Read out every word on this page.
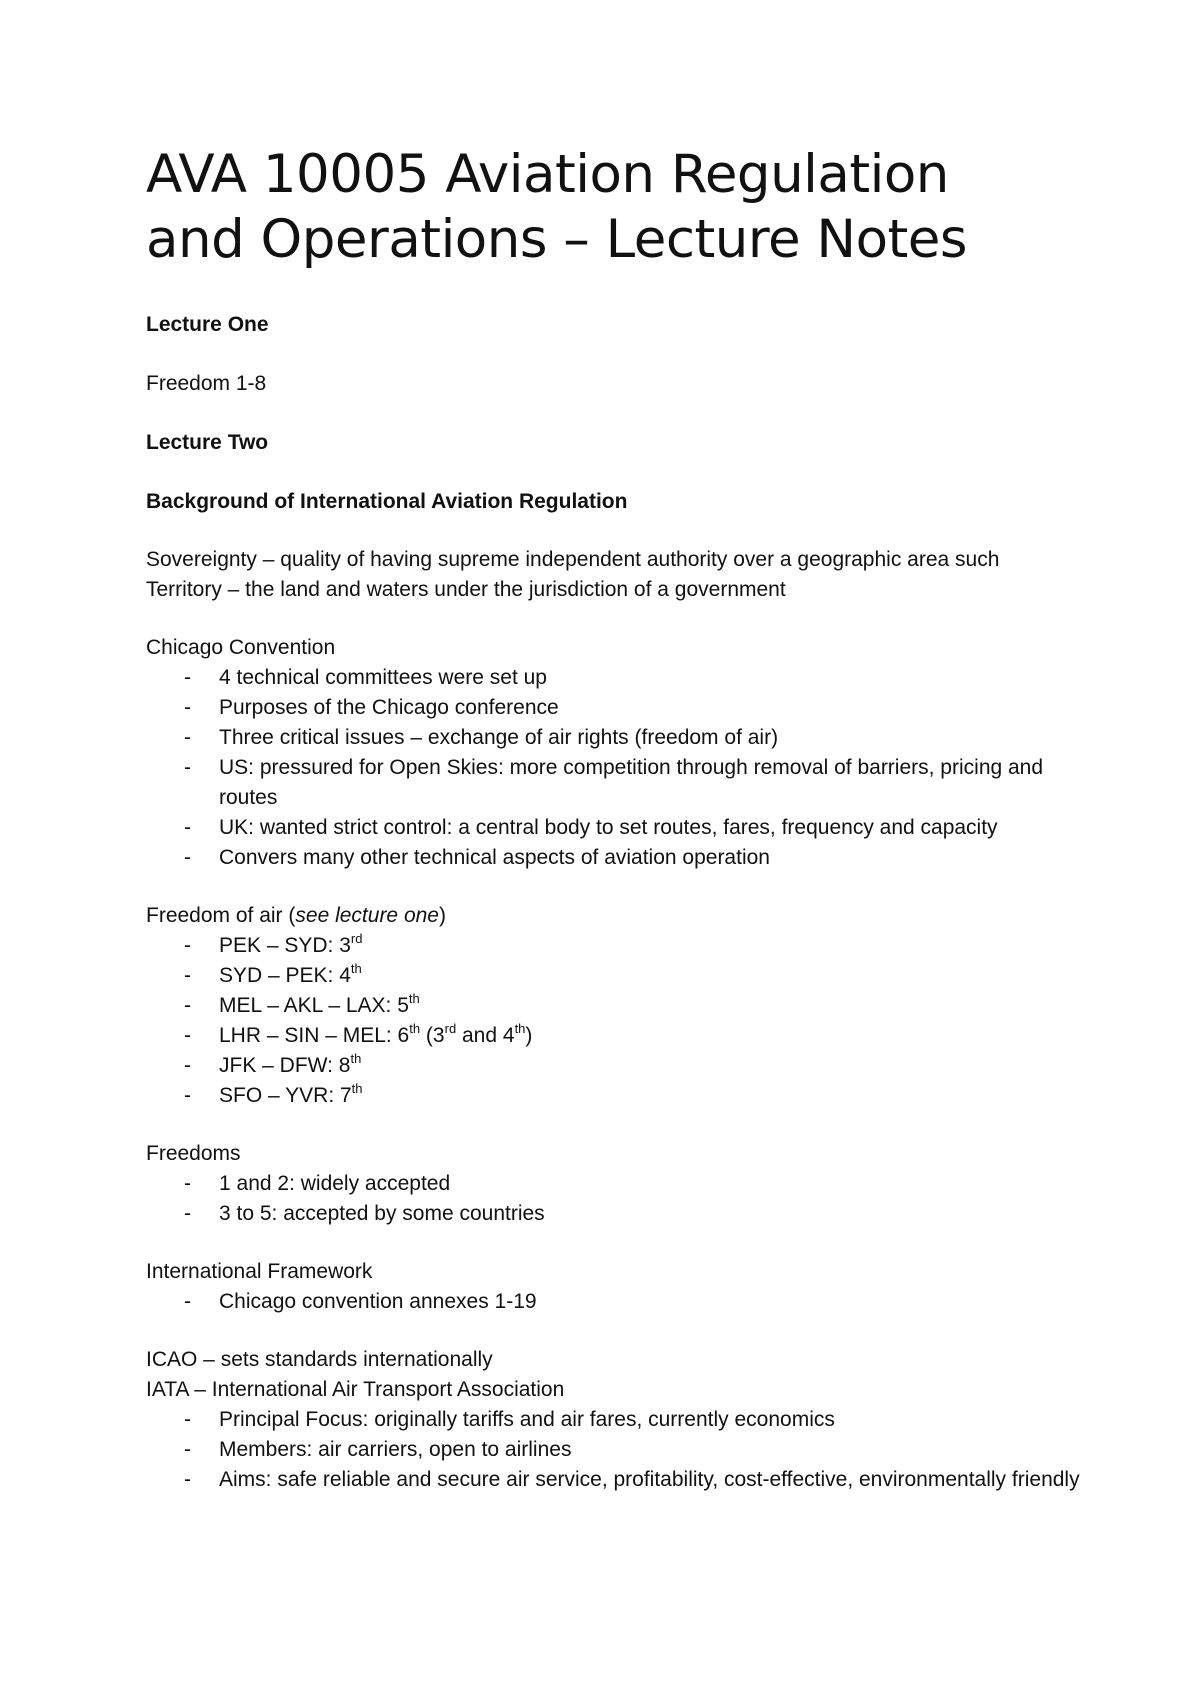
AVA 10005 Aviation Regulation
and Operations – Lecture Notes

Lecture One

Freedom 1-8

Lecture Two

Background of International Aviation Regulation

Sovereignty – quality of having supreme independent authority over a geographic area such

Territory – the land and waters under the jurisdiction of a government

Chicago Convention

- 4 technical committees were set up
- Purposes of the Chicago conference
- Three critical issues – exchange of air rights (freedom of air)
- US: pressured for Open Skies: more competition through removal of barriers, pricing and routes
- UK: wanted strict control: a central body to set routes, fares, frequency and capacity
- Convers many other technical aspects of aviation operation

Freedom of air (see lecture one)

- PEK – SYD: 3rd
- SYD – PEK: 4th
- MEL – AKL – LAX: 5th
- LHR – SIN – MEL: 6th (3rd and 4th)
- JFK – DFW: 8th
- SFO – YVR: 7th

Freedoms

- 1 and 2: widely accepted
- 3 to 5: accepted by some countries

International Framework

- Chicago convention annexes 1-19

ICAO – sets standards internationally

IATA – International Air Transport Association

- Principal Focus: originally tariffs and air fares, currently economics
- Members: air carriers, open to airlines
- Aims: safe reliable and secure air service, profitability, cost-effective, environmentally friendly
